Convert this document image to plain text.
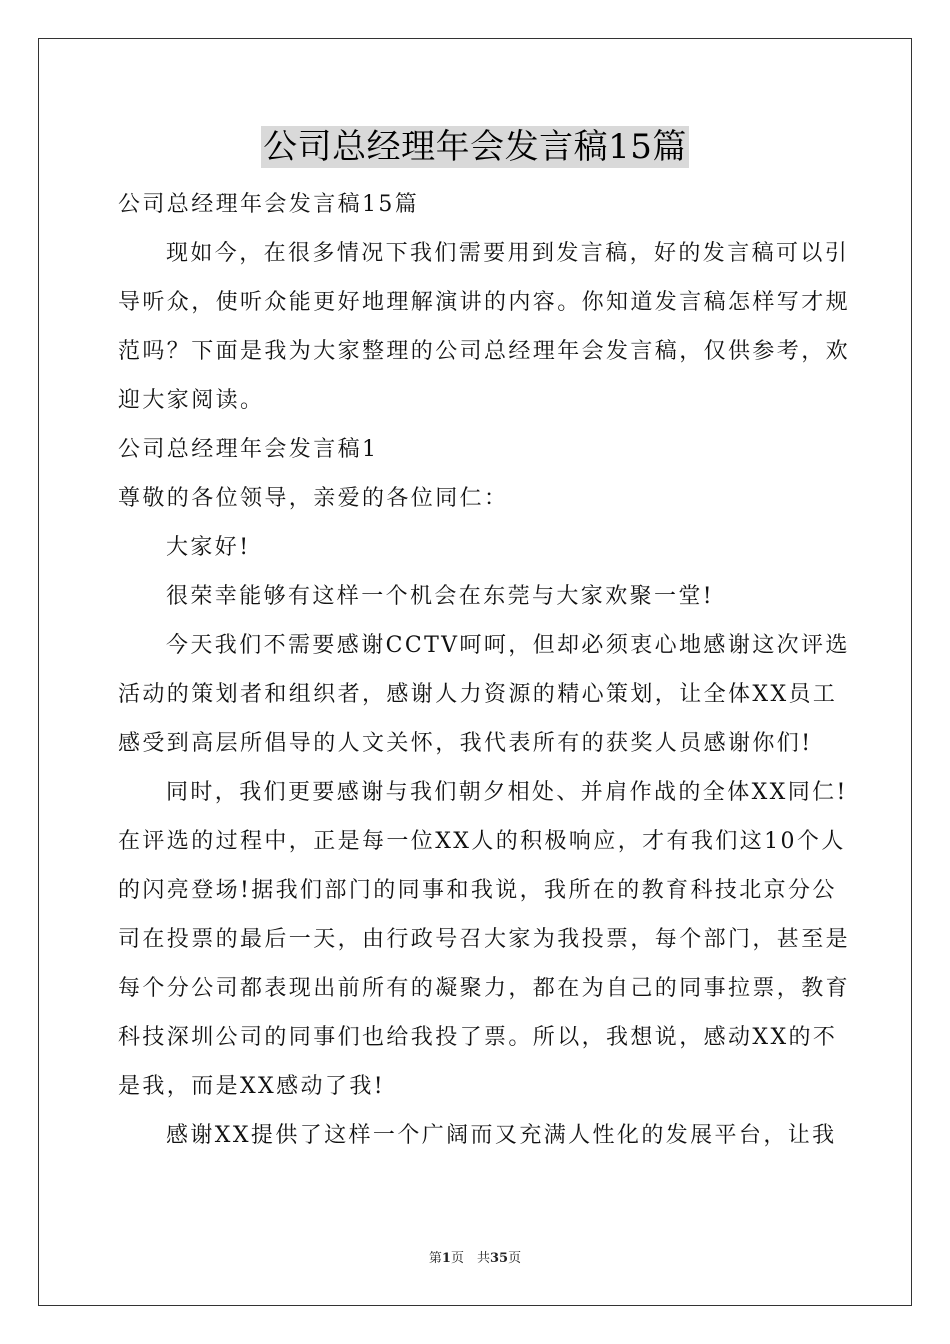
公司总经理年会发言稿15篇

公司总经理年会发言稿15篇

现如今，在很多情况下我们需要用到发言稿，好的发言稿可以引

导听众，使听众能更好地理解演讲的内容。你知道发言稿怎样写才规

范吗？下面是我为大家整理的公司总经理年会发言稿，仅供参考，欢

迎大家阅读。

公司总经理年会发言稿1

尊敬的各位领导，亲爱的各位同仁：

大家好!

很荣幸能够有这样一个机会在东莞与大家欢聚一堂!

今天我们不需要感谢CCTV呵呵，但却必须衷心地感谢这次评选

活动的策划者和组织者，感谢人力资源的精心策划，让全体XX员工

感受到高层所倡导的人文关怀，我代表所有的获奖人员感谢你们!

同时，我们更要感谢与我们朝夕相处、并肩作战的全体XX同仁!

在评选的过程中，正是每一位XX人的积极响应，才有我们这10个人

的闪亮登场!据我们部门的同事和我说，我所在的教育科技北京分公

司在投票的最后一天，由行政号召大家为我投票，每个部门，甚至是

每个分公司都表现出前所有的凝聚力，都在为自己的同事拉票，教育

科技深圳公司的同事们也给我投了票。所以，我想说，感动XX的不

是我，而是XX感动了我!

感谢XX提供了这样一个广阔而又充满人性化的发展平台，让我

第1页　共35页
